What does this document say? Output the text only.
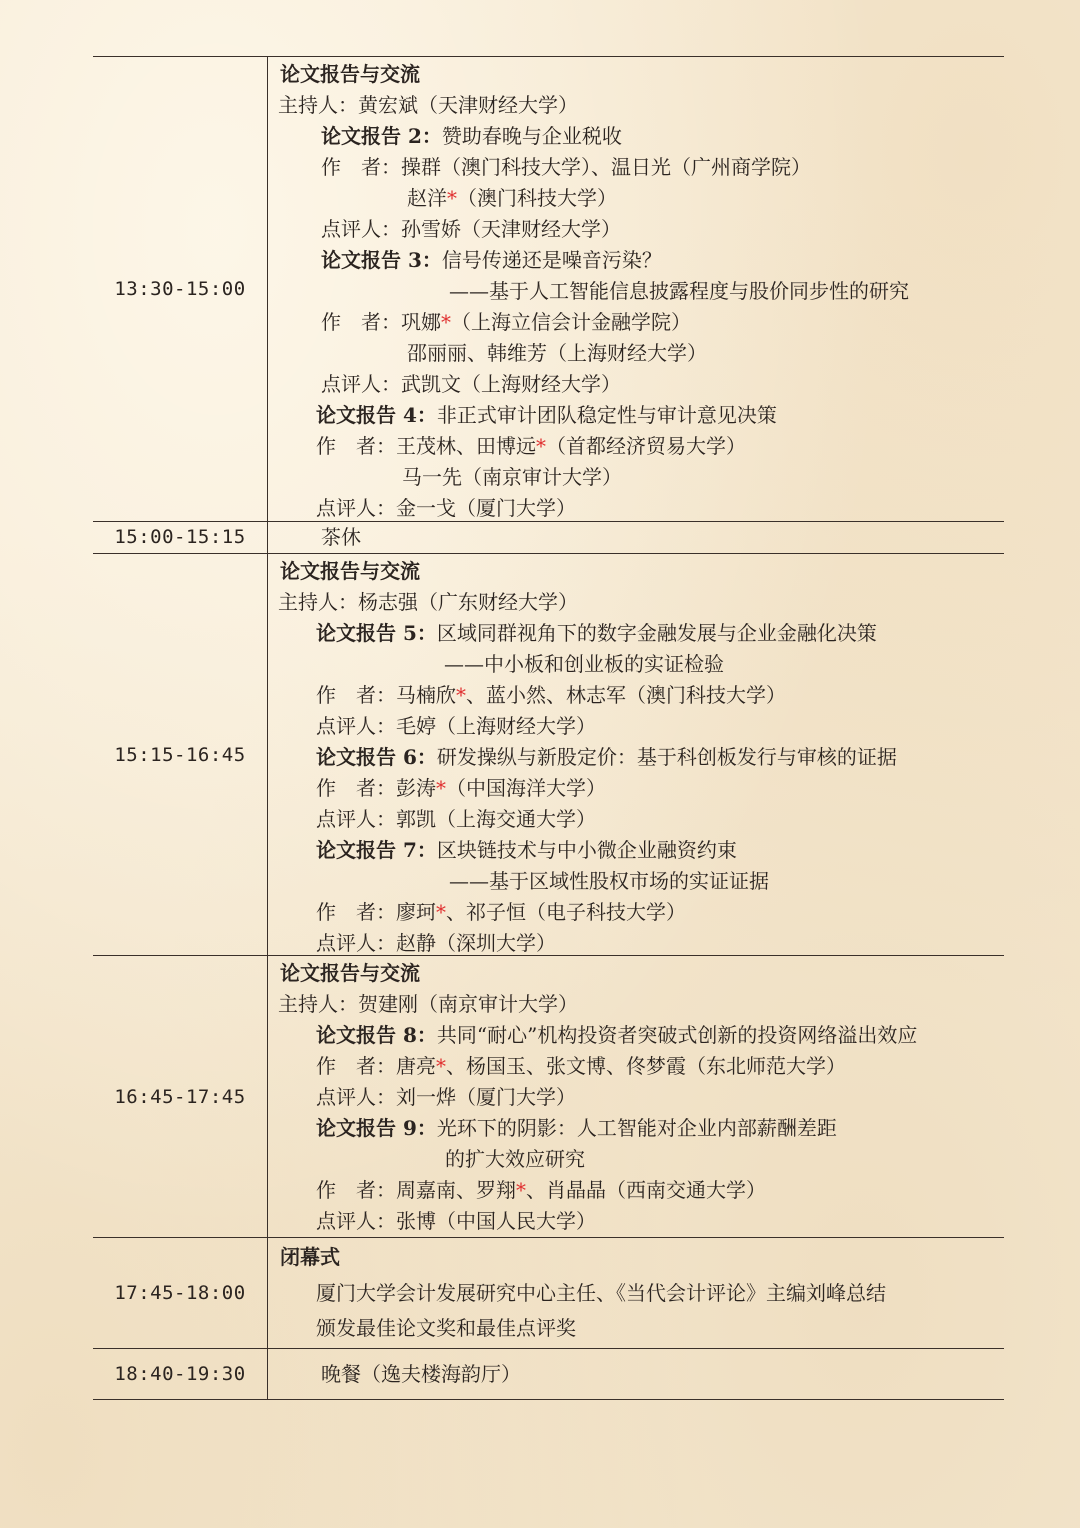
13:30-15:00
论文报告与交流
主持人：黄宏斌（天津财经大学）
论文报告 2：赞助春晚与企业税收
作　者：操群（澳门科技大学）、温日光（广州商学院）
赵洋*（澳门科技大学）
点评人：孙雪娇（天津财经大学）
论文报告 3：信号传递还是噪音污染？
——基于人工智能信息披露程度与股价同步性的研究
作　者：巩娜*（上海立信会计金融学院）
邵丽丽、韩维芳（上海财经大学）
点评人：武凯文（上海财经大学）
论文报告 4：非正式审计团队稳定性与审计意见决策
作　者：王茂林、田博远*（首都经济贸易大学）
马一先（南京审计大学）
点评人：金一戈（厦门大学）
15:00-15:15	茶休
15:15-16:45
论文报告与交流
主持人：杨志强（广东财经大学）
论文报告 5：区域同群视角下的数字金融发展与企业金融化决策
——中小板和创业板的实证检验
作　者：马楠欣*、蓝小然、林志军（澳门科技大学）
点评人：毛婷（上海财经大学）
论文报告 6：研发操纵与新股定价：基于科创板发行与审核的证据
作　者：彭涛*（中国海洋大学）
点评人：郭凯（上海交通大学）
论文报告 7：区块链技术与中小微企业融资约束
——基于区域性股权市场的实证证据
作　者：廖珂*、祁子恒（电子科技大学）
点评人：赵静（深圳大学）
16:45-17:45
论文报告与交流
主持人：贺建刚（南京审计大学）
论文报告 8：共同“耐心”机构投资者突破式创新的投资网络溢出效应
作　者：唐亮*、杨国玉、张文博、佟梦霞（东北师范大学）
点评人：刘一烨（厦门大学）
论文报告 9：光环下的阴影：人工智能对企业内部薪酬差距
的扩大效应研究
作　者：周嘉南、罗翔*、肖晶晶（西南交通大学）
点评人：张博（中国人民大学）
17:45-18:00
闭幕式
厦门大学会计发展研究中心主任、《当代会计评论》主编刘峰总结
颁发最佳论文奖和最佳点评奖
18:40-19:30	晚餐（逸夫楼海韵厅）
